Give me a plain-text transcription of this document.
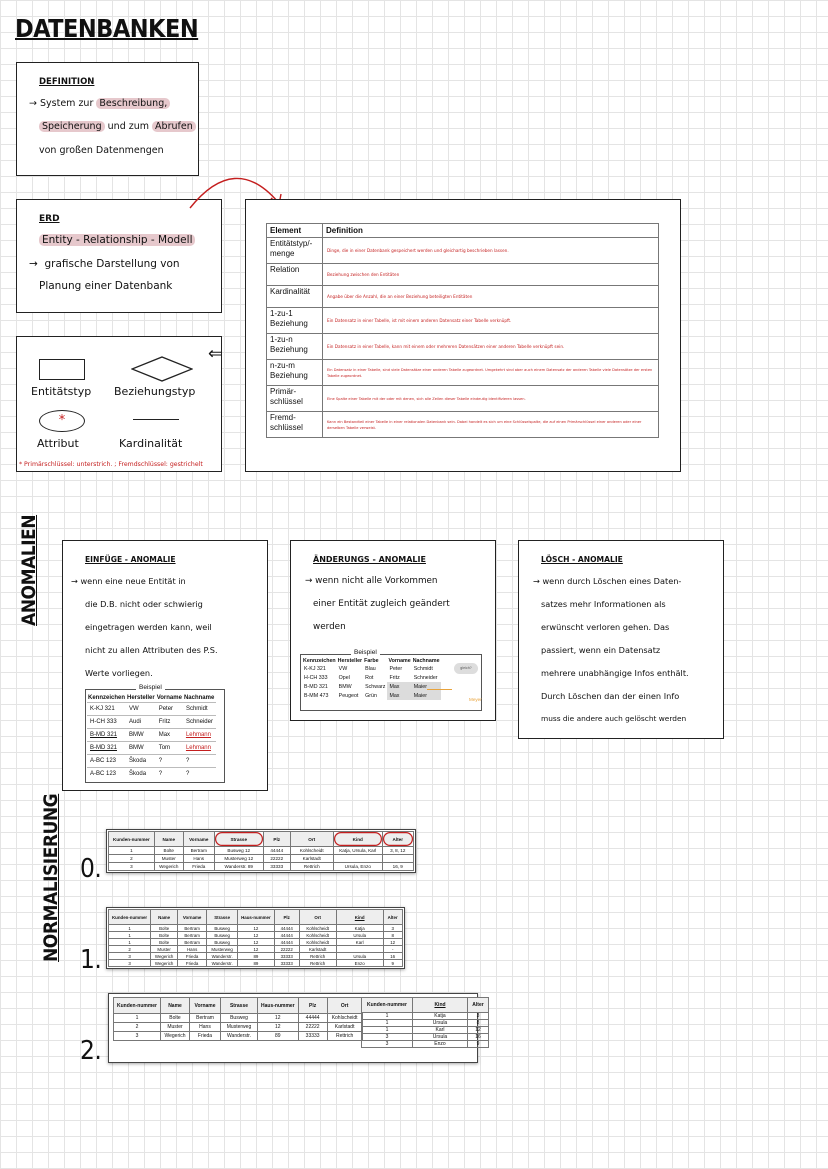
DATENBANKEN
DEFINITION
→ System zur Beschreibung,
Speicherung und zum Abrufen
von großen Datenmengen
ERD
Entity - Relationship - Modell
→ grafische Darstellung von
Planung einer Datenbank
Entitätstyp Beziehungstyp
*
Attribut	Kardinalität
* Primärschlüssel: unterstrich. ; Fremdschlüssel: gestrichelt
⇐
Element	Definition
Entitätstyp/-menge	Dinge, die in einer Datenbank gespeichert werden und gleichartig beschrieben lassen.
Relation	Beziehung zwischen den Entitäten
Kardinalität	Angabe über die Anzahl, die an einer Beziehung beteiligten Entitäten
1-zu-1 Beziehung	Ein Datensatz in einer Tabelle, ist mit einem anderen Datensatz einer Tabelle verknüpft.
1-zu-n Beziehung	Ein Datensatz in einer Tabelle, kann mit einem oder mehreren Datensätzen einer anderen Tabelle verknüpft sein.
n-zu-m Beziehung	Ein Datensatz in einer Tabelle, sind viele Datensätze einer anderen Tabelle zugeordnet. Umgekehrt sind aber auch einem Datensatz der anderen Tabelle viele Datensätze der ersten Tabelle zugeordnet.
Primär-schlüssel	Eine Spalte einer Tabelle mit der oder mit denen, sich alle Zeilen dieser Tabelle eindeutig identifizieren lassen.
Fremd-schlüssel	Kann ein Bestandteil einer Tabelle in einer relationalen Datenbank sein. Dabei handelt es sich um eine Schlüsselspalte, die auf einen Primärschlüssel einer anderen oder einer derselben Tabelle verweist.
ANOMALIEN	EINFÜGE - ANOMALIE
→ wenn eine neue Entität in
die D.B. nicht oder schwierig
eingetragen werden kann, weil
nicht zu allen Attributen des P.S.
Werte vorliegen.
Beispiel
Kennzeichen	Hersteller	Vorname	Nachname
K-KJ 321	VW	Peter	Schmidt
H-CH 333	Audi	Fritz	Schneider
B-MD 321	BMW	Max	Lehmann
B-MD 321	BMW	Tom	Lehmann
A-BC 123	Škoda	?	?
A-BC 123	Škoda	?	?
ÄNDERUNGS - ANOMALIE
→ wenn nicht alle Vorkommen
einer Entität zugleich geändert
werden
Beispiel
Kennzeichen	Hersteller	Farbe	Vorname	Nachname
K-KJ 321	VW	Blau	Peter	Schmidt
H-CH 333	Opel	Rot	Fritz	Schneider
B-MD 321	BMW	Schwarz	Max	Maier
B-MM 473	Peugeot	Grün	Max	Maier
gleich?
Meyer
LÖSCH - ANOMALIE
→ wenn durch Löschen eines Daten-
satzes mehr Informationen als
erwünscht verloren gehen. Das
passiert, wenn ein Datensatz
mehrere unabhängige Infos enthält.
Durch Löschen dan der einen Info
muss die andere auch gelöscht werden
NORMALISIERUNG 0.
1.
2.
Kunden-nummer	Name	Vorname	Strasse	Plz	Ort	Kind	Alter
1	Bolte	Bertram	Busweg 12	44444	Kohlscheidt	Katja, Ursula, Karl	3, 8, 12
2	Muster	Hans	Musterweg 12	22222	Karlstadt		
3	Wegerich	Frieda	Wanderstr. 89	33333	Rettrich	Ursula, Enzo	16, 9
Kunden-nummer	Name	Vorname	Strasse	Haus-nummer	Plz	Ort	Kind	Alter
1	Bolte	Bertram	Busweg	12	44444	Kohlscheidt	Katja	3
1	Bolte	Bertram	Busweg	12	44444	Kohlscheidt	Ursula	8
1	Bolte	Bertram	Busweg	12	44444	Kohlscheidt	Karl	12
2	Muster	Hans	Musterweg	12	22222	Karlstadt		-
3	Wegerich	Frieda	Wanderstr.	89	33333	Rettrich	Ursula	16
3	Wegerich	Frieda	Wanderstr.	89	33333	Rettrich	Enzo	9
Kunden-nummer	Name	Vorname	Strasse	Haus-nummer	Plz	Ort
1	Bolte	Bertram	Busweg	12	44444	Kohlscheidt
2	Muster	Hans	Musterweg	12	22222	Karlstadt
3	Wegerich	Frieda	Wanderstr.	89	33333	Rettrich
Kunden-nummer	Kind	Alter
1	Katja	3
1	Ursula	8
1	Karl	12
3	Ursula	16
3	Enzo	9
